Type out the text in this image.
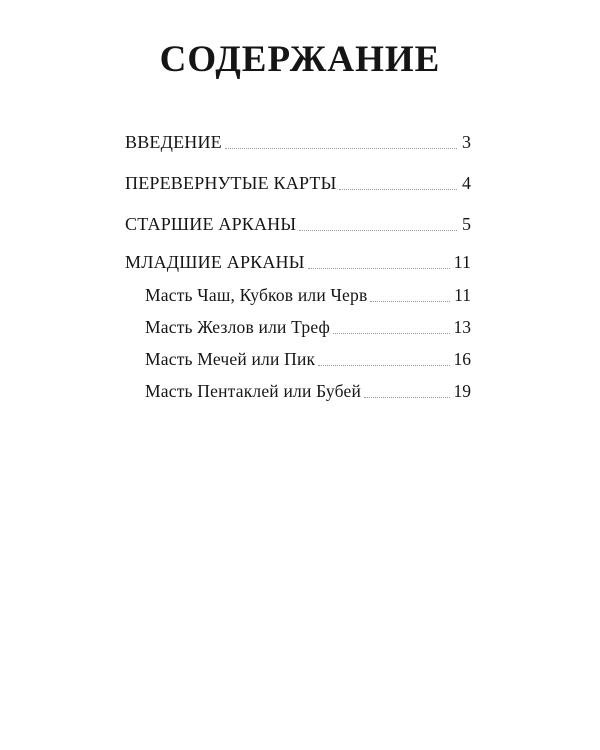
СОДЕРЖАНИЕ
ВВЕДЕНИЕ	3
ПЕРЕВЕРНУТЫЕ КАРТЫ	4
СТАРШИЕ АРКАНЫ	5
МЛАДШИЕ АРКАНЫ	11
Масть Чаш, Кубков или Черв	11
Масть Жезлов или Треф	13
Масть Мечей или Пик	16
Масть Пентаклей или Бубей	19
